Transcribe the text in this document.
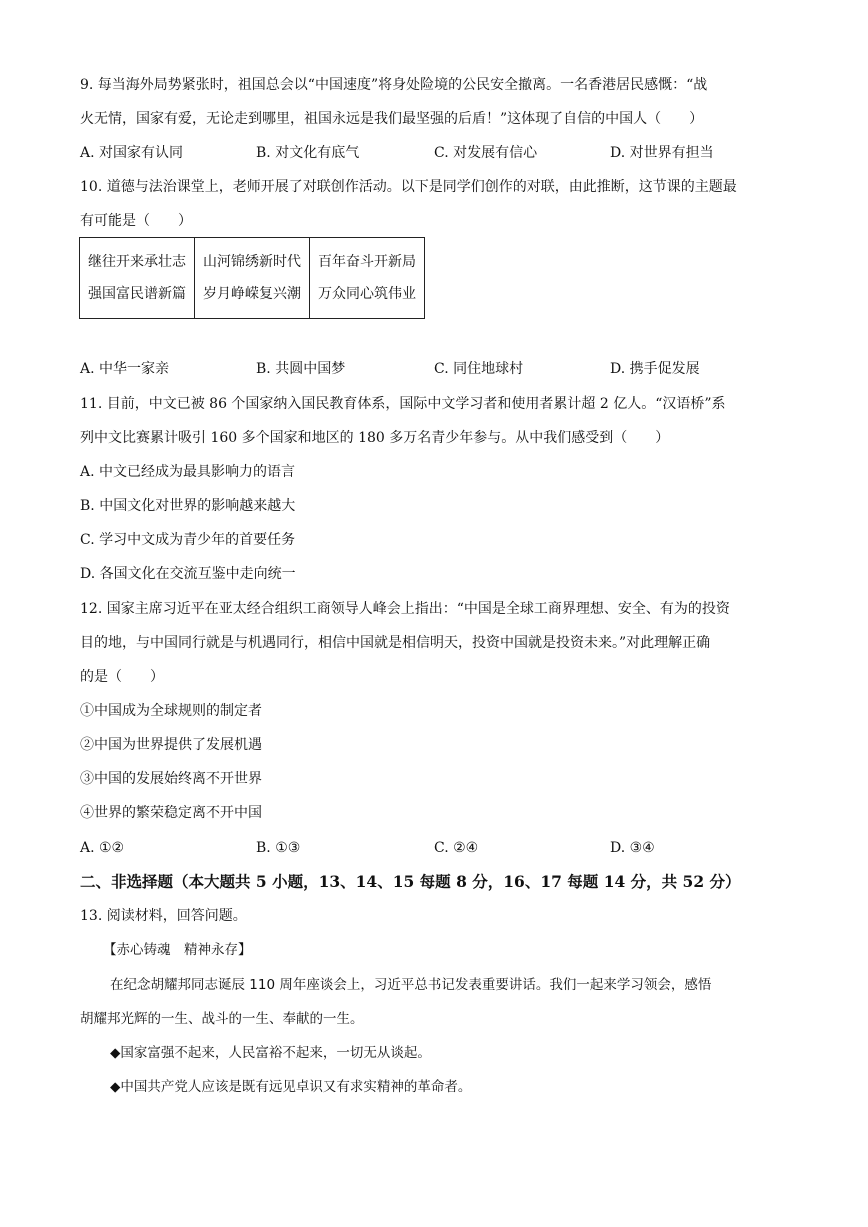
9. 每当海外局势紧张时，祖国总会以“中国速度”将身处险境的公民安全撤离。一名香港居民感慨：“战
火无情，国家有爱，无论走到哪里，祖国永远是我们最坚强的后盾！”这体现了自信的中国人（　　）
A. 对国家有认同	B. 对文化有底气	C. 对发展有信心	D. 对世界有担当
10. 道德与法治课堂上，老师开展了对联创作活动。以下是同学们创作的对联，由此推断，这节课的主题最
有可能是（　　）
继往开来承壮志
强国富民谱新篇

山河锦绣新时代
岁月峥嵘复兴潮

百年奋斗开新局
万众同心筑伟业
A. 中华一家亲	B. 共圆中国梦	C. 同住地球村	D. 携手促发展
11. 目前，中文已被 86 个国家纳入国民教育体系，国际中文学习者和使用者累计超 2 亿人。“汉语桥”系
列中文比赛累计吸引 160 多个国家和地区的 180 多万名青少年参与。从中我们感受到（　　）
A. 中文已经成为最具影响力的语言
B. 中国文化对世界的影响越来越大
C. 学习中文成为青少年的首要任务
D. 各国文化在交流互鉴中走向统一
12. 国家主席习近平在亚太经合组织工商领导人峰会上指出：“中国是全球工商界理想、安全、有为的投资
目的地，与中国同行就是与机遇同行，相信中国就是相信明天，投资中国就是投资未来。”对此理解正确
的是（　　）
①中国成为全球规则的制定者
②中国为世界提供了发展机遇
③中国的发展始终离不开世界
④世界的繁荣稳定离不开中国
A. ①②	B. ①③	C. ②④	D. ③④
二、非选择题（本大题共 5 小题，13、14、15 每题 8 分，16、17 每题 14 分，共 52 分）
13. 阅读材料，回答问题。
【赤心铸魂　精神永存】
在纪念胡耀邦同志诞辰 110 周年座谈会上，习近平总书记发表重要讲话。我们一起来学习领会，感悟
胡耀邦光辉的一生、战斗的一生、奉献的一生。
◆国家富强不起来，人民富裕不起来，一切无从谈起。
◆中国共产党人应该是既有远见卓识又有求实精神的革命者。
